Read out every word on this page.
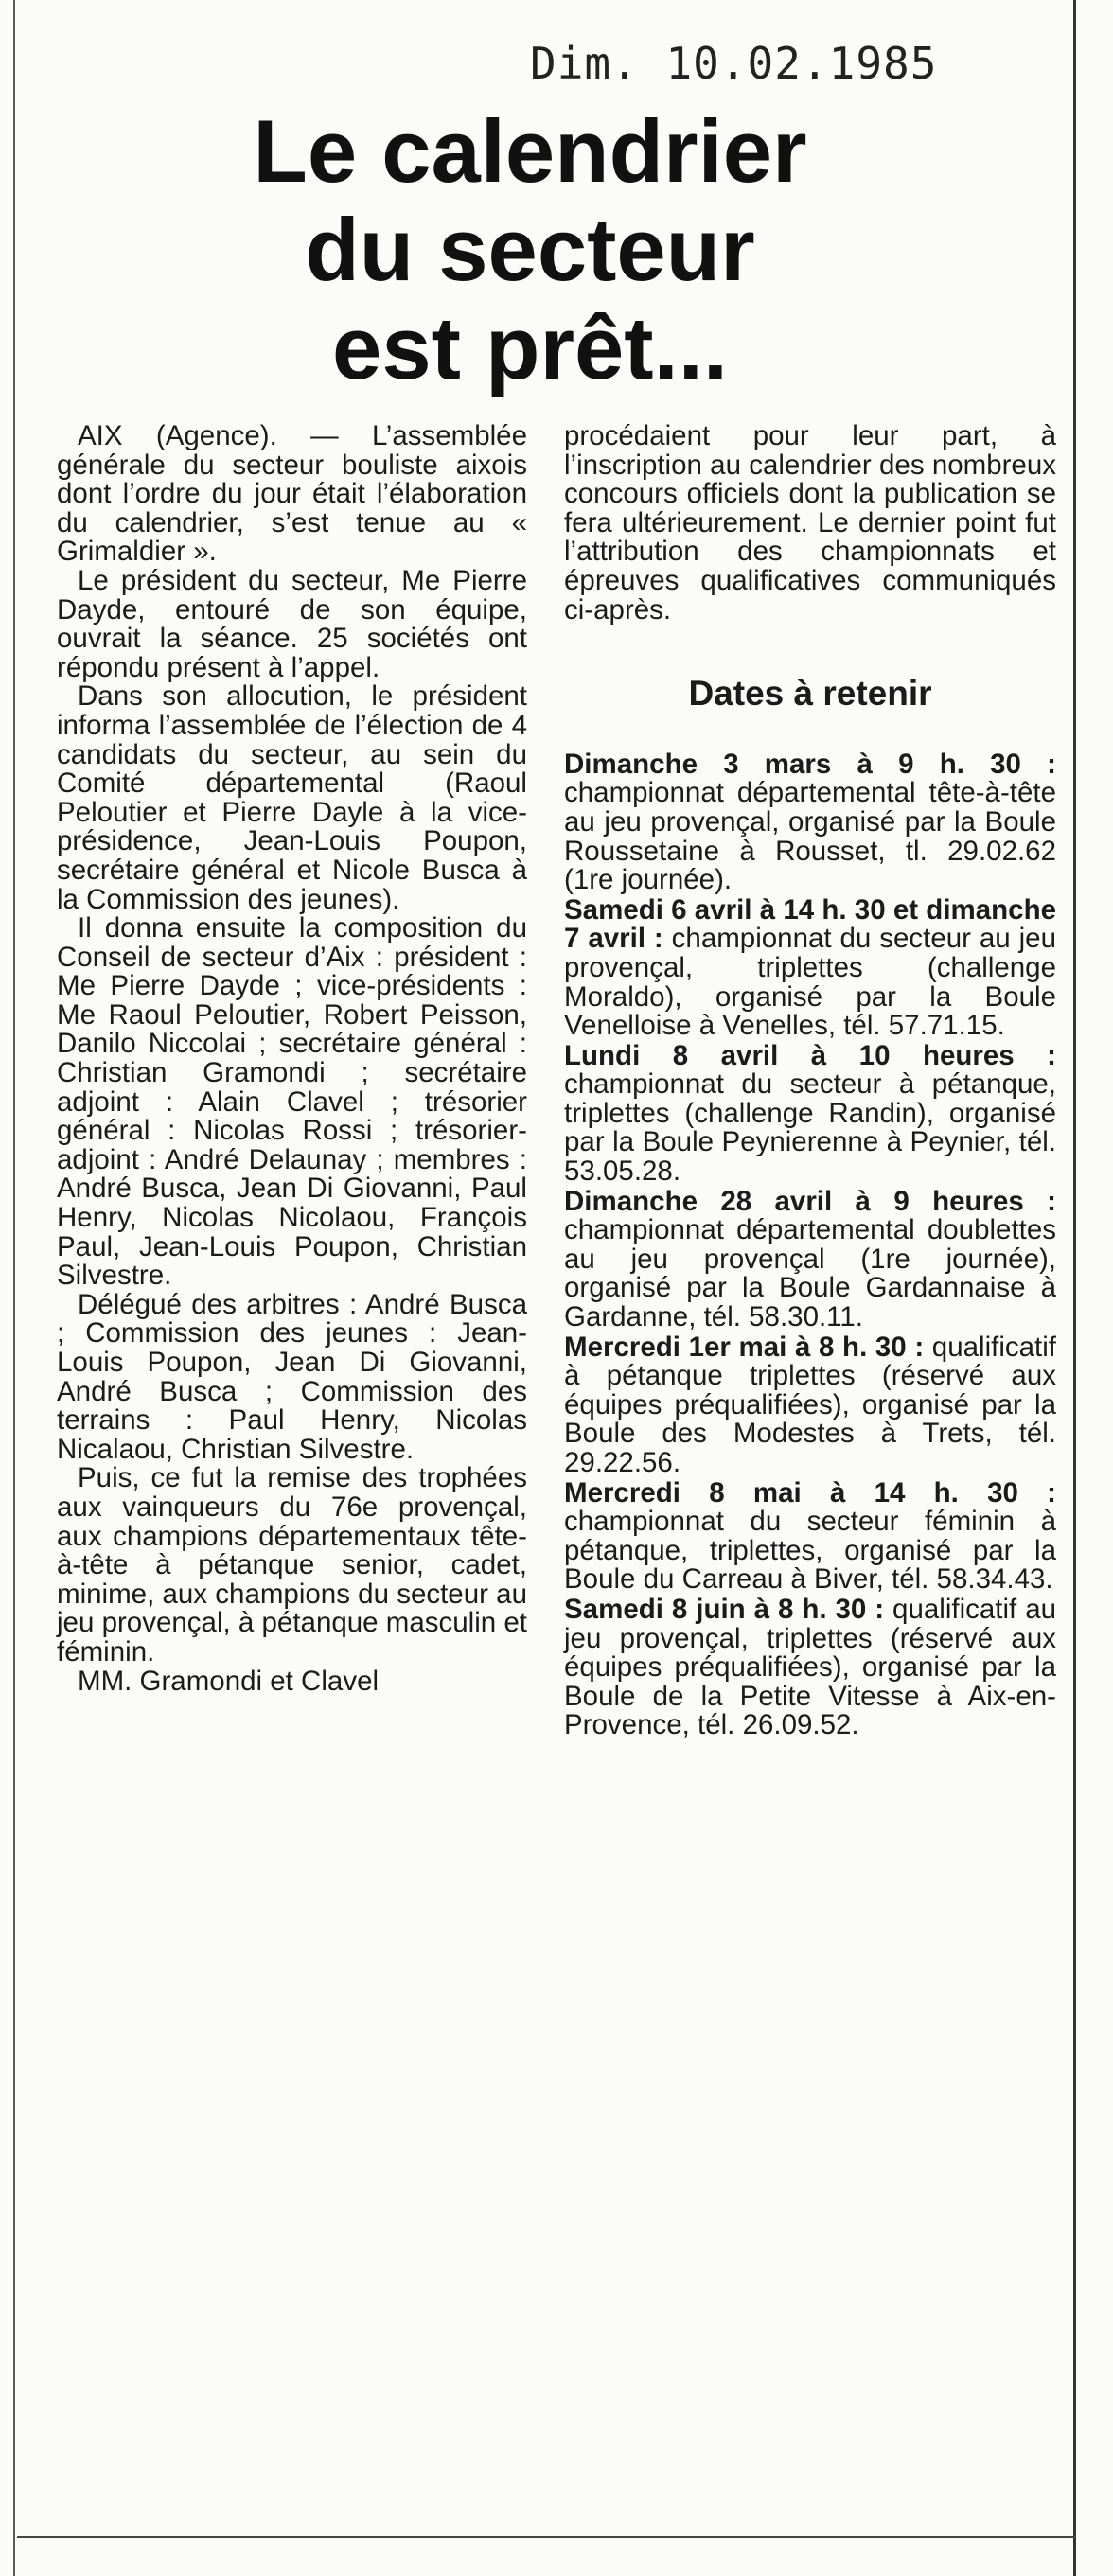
Dim. 10.02.1985
Le calendrier
du secteur
est prêt...

AIX (Agence). — L’assemblée générale du secteur bouliste aixois dont l’ordre du jour était l’élaboration du calendrier, s’est tenue au « Grimaldier ».

Le président du secteur, Me Pierre Dayde, entouré de son équipe, ouvrait la séance. 25 sociétés ont répondu présent à l’appel.

Dans son allocution, le président informa l’assemblée de l’élection de 4 candidats du secteur, au sein du Comité départemental (Raoul Peloutier et Pierre Dayle à la vice-présidence, Jean-Louis Poupon, secrétaire général et Nicole Busca à la Commission des jeunes).

Il donna ensuite la composition du Conseil de secteur d’Aix : président : Me Pierre Dayde ; vice-présidents : Me Raoul Peloutier, Robert Peisson, Danilo Niccolai ; secrétaire général : Christian Gramondi ; secrétaire adjoint : Alain Clavel ; trésorier général : Nicolas Rossi ; trésorier-adjoint : André Delaunay ; membres : André Busca, Jean Di Giovanni, Paul Henry, Nicolas Nicolaou, François Paul, Jean-Louis Poupon, Christian Silvestre.

Délégué des arbitres : André Busca ; Commission des jeunes : Jean-Louis Poupon, Jean Di Giovanni, André Busca ; Commission des terrains : Paul Henry, Nicolas Nicalaou, Christian Silvestre.

Puis, ce fut la remise des trophées aux vainqueurs du 76e provençal, aux champions départementaux tête-à-tête à pétanque senior, cadet, minime, aux champions du secteur au jeu provençal, à pétanque masculin et féminin.

MM. Gramondi et Clavel

procédaient pour leur part, à l’inscription au calendrier des nombreux concours officiels dont la publication se fera ultérieurement. Le dernier point fut l’attribution des championnats et épreuves qualificatives communiqués ci-après.

Dates à retenir

Dimanche 3 mars à 9 h. 30 : championnat départemental tête-à-tête au jeu provençal, organisé par la Boule Roussetaine à Rousset, tl. 29.02.62 (1re journée).

Samedi 6 avril à 14 h. 30 et dimanche 7 avril : championnat du secteur au jeu provençal, triplettes (challenge Moraldo), organisé par la Boule Venelloise à Venelles, tél. 57.71.15.

Lundi 8 avril à 10 heures : championnat du secteur à pétanque, triplettes (challenge Randin), organisé par la Boule Peynierenne à Peynier, tél. 53.05.28.

Dimanche 28 avril à 9 heures : championnat départemental doublettes au jeu provençal (1re journée), organisé par la Boule Gardannaise à Gardanne, tél. 58.30.11.

Mercredi 1er mai à 8 h. 30 : qualificatif à pétanque triplettes (réservé aux équipes préqualifiées), organisé par la Boule des Modestes à Trets, tél. 29.22.56.

Mercredi 8 mai à 14 h. 30 : championnat du secteur féminin à pétanque, triplettes, organisé par la Boule du Carreau à Biver, tél. 58.34.43.

Samedi 8 juin à 8 h. 30 : qualificatif au jeu provençal, triplettes (réservé aux équipes préqualifiées), organisé par la Boule de la Petite Vitesse à Aix-en-Provence, tél. 26.09.52.
